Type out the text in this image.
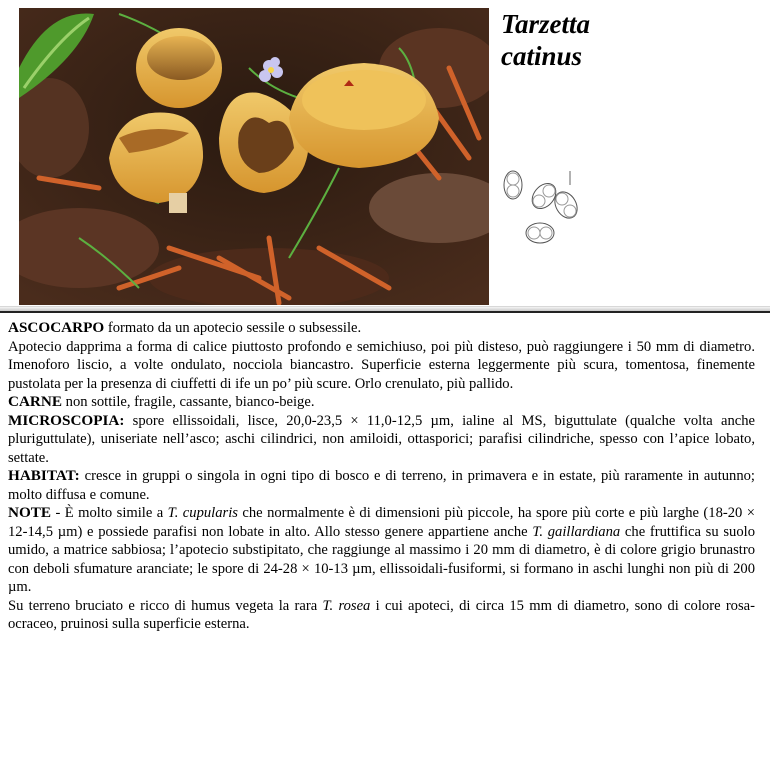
Tarzetta
catinus

ASCOCARPO formato da un apotecio sessile o subsessile.

Apotecio dapprima a forma di calice piuttosto profondo e semichiuso, poi più disteso, può raggiungere i 50 mm di diametro. Imenoforo liscio, a volte ondulato, nocciola biancastro. Superficie esterna leggermente più scura, tomentosa, finemente pustolata per la presenza di ciuffetti di ife un po’ più scure. Orlo crenulato, più pallido.

CARNE non sottile, fragile, cassante, bianco-beige.

MICROSCOPIA: spore ellissoidali, lisce, 20,0-23,5 × 11,0-12,5 µm, ialine al MS, biguttulate (qualche volta anche pluriguttulate), uniseriate nell’asco; aschi cilindrici, non amiloidi, ottasporici; parafisi cilindriche, spesso con l’apice lobato, settate.

HABITAT: cresce in gruppi o singola in ogni tipo di bosco e di terreno, in primavera e in estate, più raramente in autunno; molto diffusa e comune.

NOTE - È molto simile a T. cupularis che normalmente è di dimensioni più piccole, ha spore più corte e più larghe (18-20 × 12-14,5 µm) e possiede parafisi non lobate in alto. Allo stesso genere appartiene anche T. gaillardiana che fruttifica su suolo umido, a matrice sabbiosa; l’apotecio substipitato, che raggiunge al massimo i 20 mm di diametro, è di colore grigio brunastro con deboli sfumature aranciate; le spore di 24-28 × 10-13 µm, ellissoidali-fusiformi, si formano in aschi lunghi non più di 200 µm.

Su terreno bruciato e ricco di humus vegeta la rara T. rosea i cui apoteci, di circa 15 mm di diametro, sono di colore rosa-ocraceo, pruinosi sulla superficie esterna.
